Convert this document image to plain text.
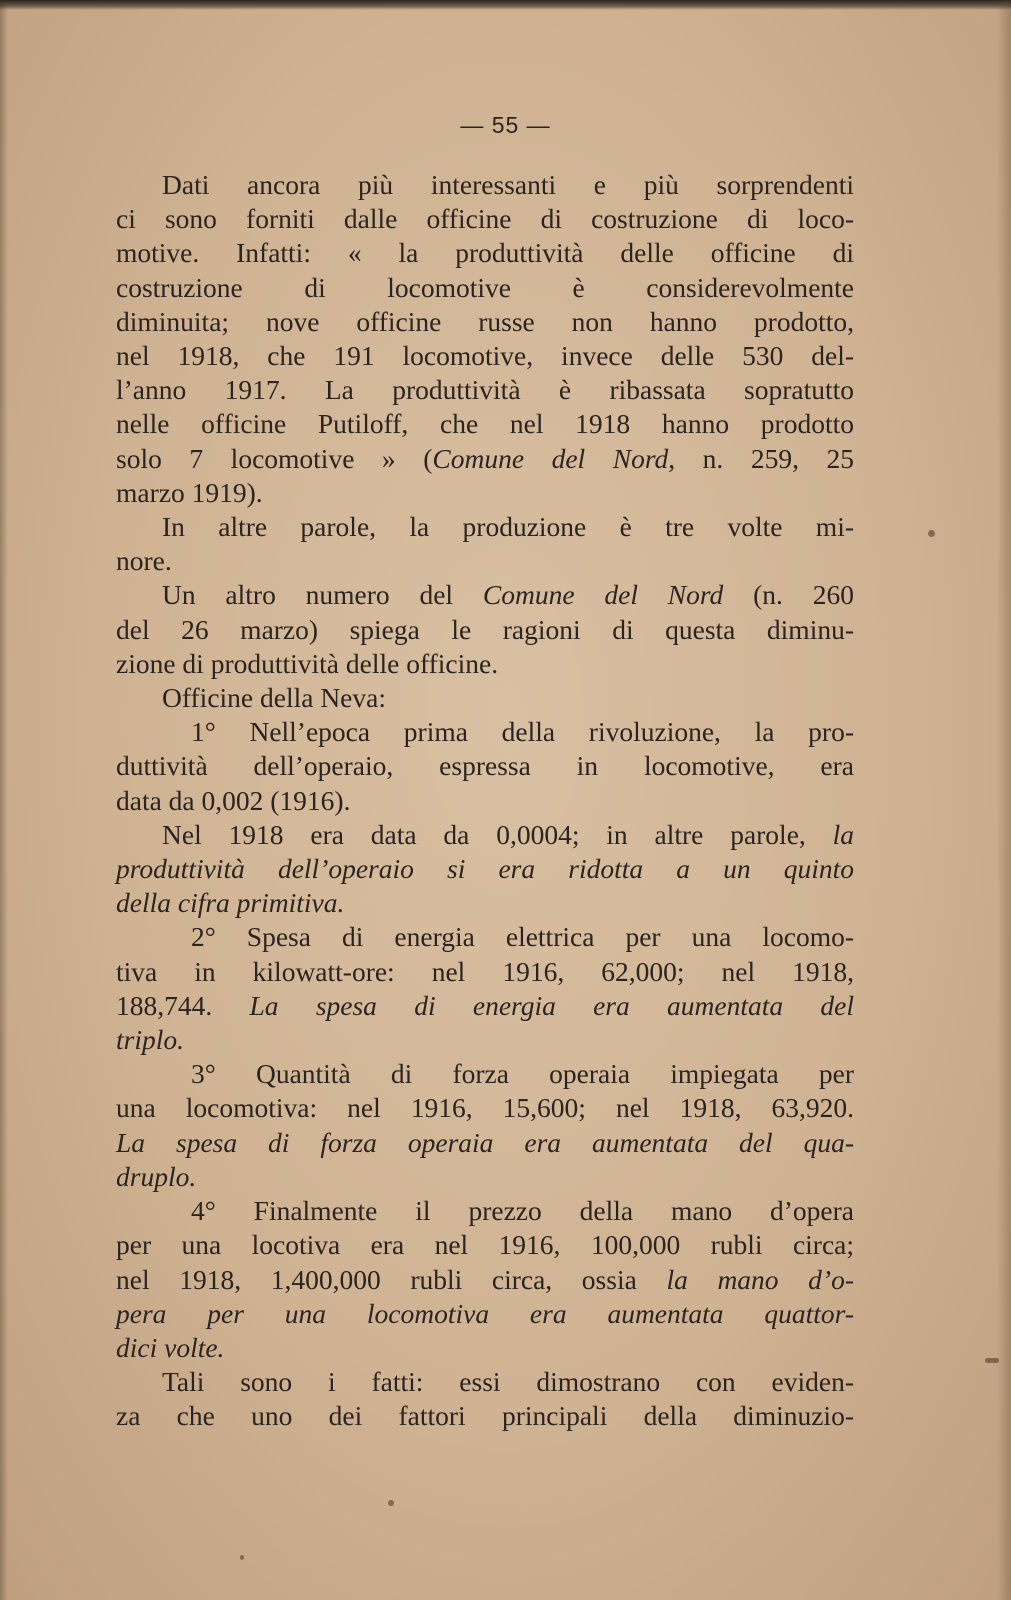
— 55 —
Dati ancora più interessanti e più sorprendenti
ci sono forniti dalle officine di costruzione di loco-
motive. Infatti: « la produttività delle officine di
costruzione di locomotive è considerevolmente
diminuita; nove officine russe non hanno prodotto,
nel 1918, che 191 locomotive, invece delle 530 del-
l’anno 1917. La produttività è ribassata sopratutto
nelle officine Putiloff, che nel 1918 hanno prodotto
solo 7 locomotive » (Comune del Nord, n. 259, 25
marzo 1919).
In altre parole, la produzione è tre volte mi-
nore.
Un altro numero del Comune del Nord (n. 260
del 26 marzo) spiega le ragioni di questa diminu-
zione di produttività delle officine.
Officine della Neva:
1° Nell’epoca prima della rivoluzione, la pro-
duttività dell’operaio, espressa in locomotive, era
data da 0,002 (1916).
Nel 1918 era data da 0,0004; in altre parole, la
produttività dell’operaio si era ridotta a un quinto
della cifra primitiva.
2° Spesa di energia elettrica per una locomo-
tiva in kilowatt-ore: nel 1916, 62,000; nel 1918,
188,744. La spesa di energia era aumentata del
triplo.
3° Quantità di forza operaia impiegata per
una locomotiva: nel 1916, 15,600; nel 1918, 63,920.
La spesa di forza operaia era aumentata del qua-
druplo.
4° Finalmente il prezzo della mano d’opera
per una locotiva era nel 1916, 100,000 rubli circa;
nel 1918, 1,400,000 rubli circa, ossia la mano d’o-
pera per una locomotiva era aumentata quattor-
dici volte.
Tali sono i fatti: essi dimostrano con eviden-
za che uno dei fattori principali della diminuzio-
